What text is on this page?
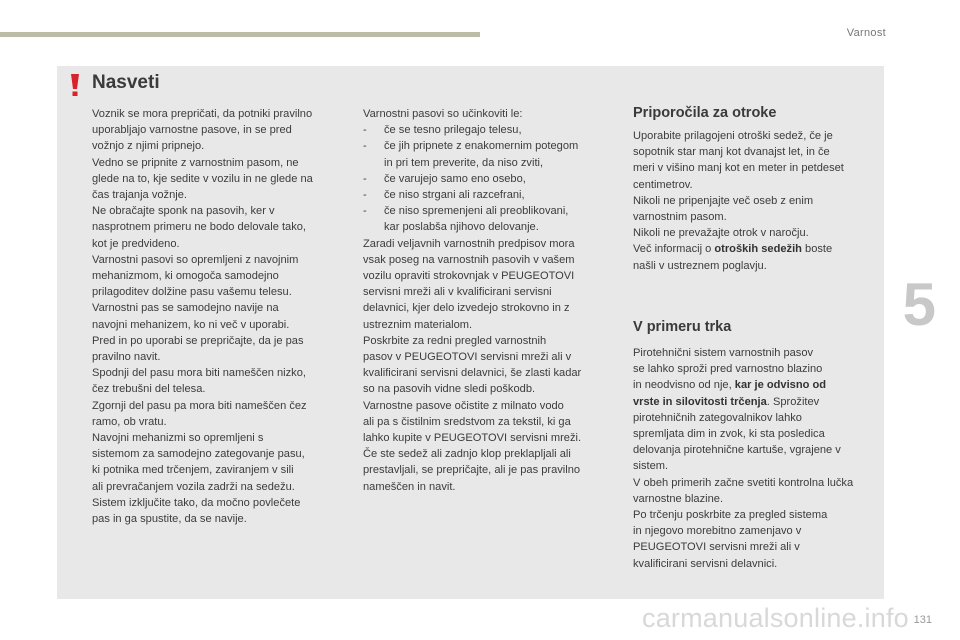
Varnost
Nasveti
Voznik se mora prepričati, da potniki pravilno
uporabljajo varnostne pasove, in se pred
vožnjo z njimi pripnejo.
Vedno se pripnite z varnostnim pasom, ne
glede na to, kje sedite v vozilu in ne glede na
čas trajanja vožnje.
Ne obračajte sponk na pasovih, ker v
nasprotnem primeru ne bodo delovale tako,
kot je predvideno.
Varnostni pasovi so opremljeni z navojnim
mehanizmom, ki omogoča samodejno
prilagoditev dolžine pasu vašemu telesu.
Varnostni pas se samodejno navije na
navojni mehanizem, ko ni več v uporabi.
Pred in po uporabi se prepričajte, da je pas
pravilno navit.
Spodnji del pasu mora biti nameščen nizko,
čez trebušni del telesa.
Zgornji del pasu pa mora biti nameščen čez
ramo, ob vratu.
Navojni mehanizmi so opremljeni s
sistemom za samodejno zategovanje pasu,
ki potnika med trčenjem, zaviranjem v sili
ali prevračanjem vozila zadrži na sedežu.
Sistem izključite tako, da močno povlečete
pas in ga spustite, da se navije.
Varnostni pasovi so učinkoviti le:
-	če se tesno prilegajo telesu,
-	če jih pripnete z enakomernim potegom
in pri tem preverite, da niso zviti,
-	če varujejo samo eno osebo,
-	če niso strgani ali razcefrani,
-	če niso spremenjeni ali preoblikovani,
kar poslabša njihovo delovanje.
Zaradi veljavnih varnostnih predpisov mora
vsak poseg na varnostnih pasovih v vašem
vozilu opraviti strokovnjak v PEUGEOTOVI
servisni mreži ali v kvalificirani servisni
delavnici, kjer delo izvedejo strokovno in z
ustreznim materialom.
Poskrbite za redni pregled varnostnih
pasov v PEUGEOTOVI servisni mreži ali v
kvalificirani servisni delavnici, še zlasti kadar
so na pasovih vidne sledi poškodb.
Varnostne pasove očistite z milnato vodo
ali pa s čistilnim sredstvom za tekstil, ki ga
lahko kupite v PEUGEOTOVI servisni mreži.
Če ste sedež ali zadnjo klop preklapljali ali
prestavljali, se prepričajte, ali je pas pravilno
nameščen in navit.
Priporočila za otroke
Uporabite prilagojeni otroški sedež, če je
sopotnik star manj kot dvanajst let, in če
meri v višino manj kot en meter in petdeset
centimetrov.
Nikoli ne pripenjajte več oseb z enim
varnostnim pasom.
Nikoli ne prevažajte otrok v naročju.
Več informacij o otroških sedežih boste
našli v ustreznem poglavju.
V primeru trka
Pirotehnični sistem varnostnih pasov
se lahko sproži pred varnostno blazino
in neodvisno od nje, kar je odvisno od
vrste in silovitosti trčenja. Sprožitev
pirotehničnih zategovalnikov lahko
spremljata dim in zvok, ki sta posledica
delovanja pirotehnične kartuše, vgrajene v
sistem.
V obeh primerih začne svetiti kontrolna lučka
varnostne blazine.
Po trčenju poskrbite za pregled sistema
in njegovo morebitno zamenjavo v
PEUGEOTOVI servisni mreži ali v
kvalificirani servisni delavnici.
5
carmanualsonline.info 131
